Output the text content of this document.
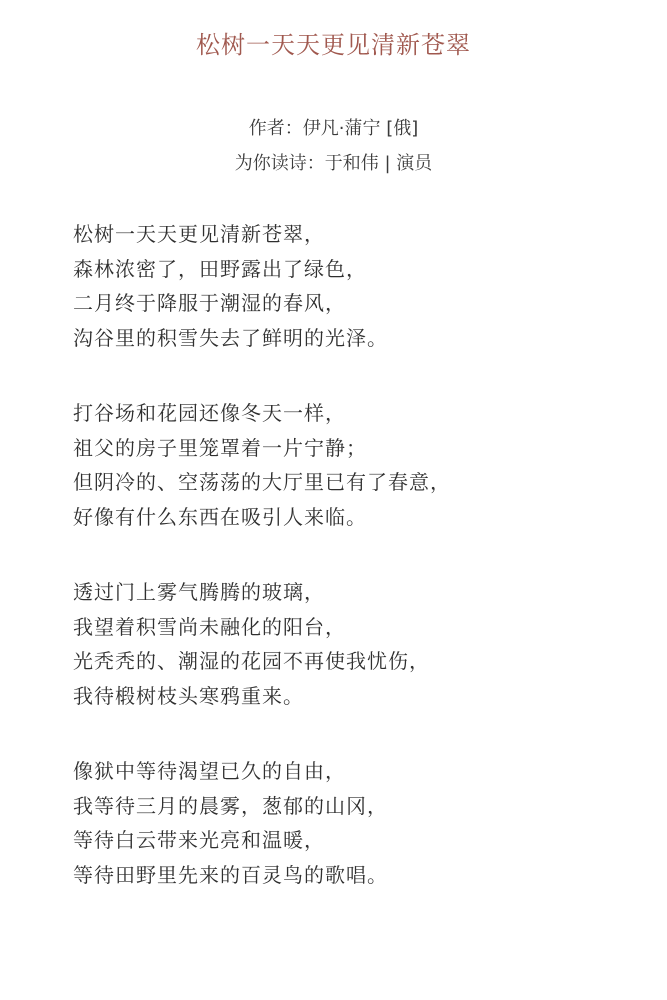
松树一天天更见清新苍翠
作者：伊凡·蒲宁 [俄]
为你读诗：于和伟 | 演员
松树一天天更见清新苍翠，
森林浓密了，田野露出了绿色，
二月终于降服于潮湿的春风，
沟谷里的积雪失去了鲜明的光泽。
打谷场和花园还像冬天一样，
祖父的房子里笼罩着一片宁静；
但阴冷的、空荡荡的大厅里已有了春意，
好像有什么东西在吸引人来临。
透过门上雾气腾腾的玻璃，
我望着积雪尚未融化的阳台，
光秃秃的、潮湿的花园不再使我忧伤，
我待椴树枝头寒鸦重来。
像狱中等待渴望已久的自由，
我等待三月的晨雾，葱郁的山冈，
等待白云带来光亮和温暖，
等待田野里先来的百灵鸟的歌唱。
